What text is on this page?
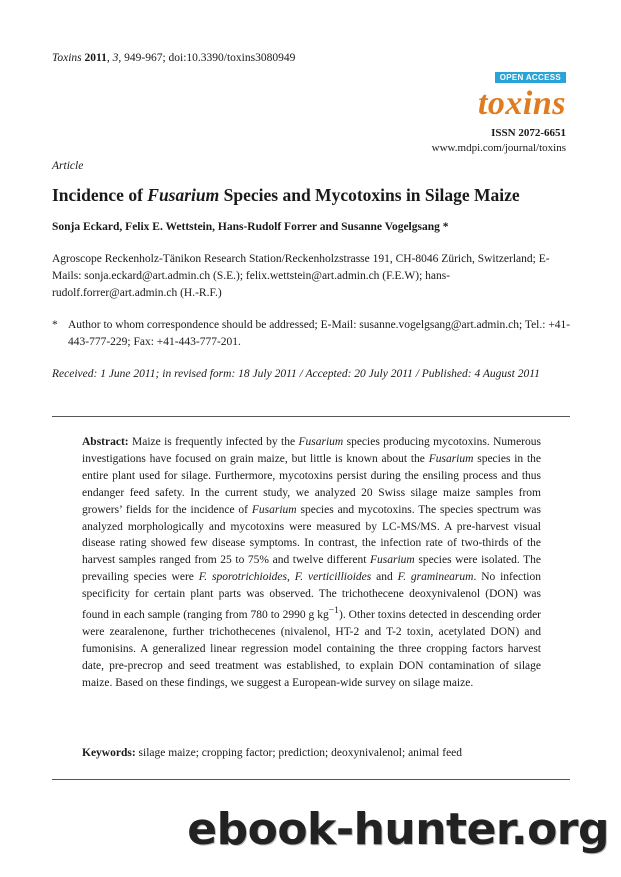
Toxins 2011, 3, 949-967; doi:10.3390/toxins3080949
OPEN ACCESS
toxins
ISSN 2072-6651
www.mdpi.com/journal/toxins
Article
Incidence of Fusarium Species and Mycotoxins in Silage Maize
Sonja Eckard, Felix E. Wettstein, Hans-Rudolf Forrer and Susanne Vogelgsang *
Agroscope Reckenholz-Tänikon Research Station/Reckenholzstrasse 191, CH-8046 Zürich, Switzerland; E-Mails: sonja.eckard@art.admin.ch (S.E.); felix.wettstein@art.admin.ch (F.E.W); hans-rudolf.forrer@art.admin.ch (H.-R.F.)
* Author to whom correspondence should be addressed; E-Mail: susanne.vogelgsang@art.admin.ch; Tel.: +41-443-777-229; Fax: +41-443-777-201.
Received: 1 June 2011; in revised form: 18 July 2011 / Accepted: 20 July 2011 / Published: 4 August 2011
Abstract: Maize is frequently infected by the Fusarium species producing mycotoxins. Numerous investigations have focused on grain maize, but little is known about the Fusarium species in the entire plant used for silage. Furthermore, mycotoxins persist during the ensiling process and thus endanger feed safety. In the current study, we analyzed 20 Swiss silage maize samples from growers’ fields for the incidence of Fusarium species and mycotoxins. The species spectrum was analyzed morphologically and mycotoxins were measured by LC-MS/MS. A pre-harvest visual disease rating showed few disease symptoms. In contrast, the infection rate of two-thirds of the harvest samples ranged from 25 to 75% and twelve different Fusarium species were isolated. The prevailing species were F. sporotrichioides, F. verticillioides and F. graminearum. No infection specificity for certain plant parts was observed. The trichothecene deoxynivalenol (DON) was found in each sample (ranging from 780 to 2990 g $kg^{-1}$). Other toxins detected in descending order were zearalenone, further trichothecenes (nivalenol, HT-2 and T-2 toxin, acetylated DON) and fumonisins. A generalized linear regression model containing the three cropping factors harvest date, pre-precrop and seed treatment was established, to explain DON contamination of silage maize. Based on these findings, we suggest a European-wide survey on silage maize.
Keywords: silage maize; cropping factor; prediction; deoxynivalenol; animal feed
ebook-hunter.org
